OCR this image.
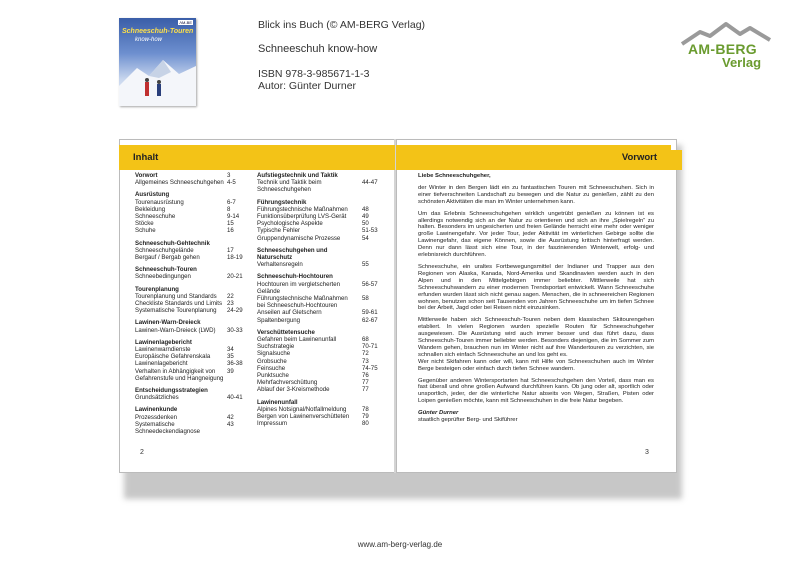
ΛΜ-ΒΕ
Schneeschuh-Touren
know-how
Blick ins Buch (© AM-BERG Verlag)
Schneeschuh know-how
ISBN 978-3-985671-1-3
Autor: Günter Durner
AM-BERG
Verlag
Inhalt	Vorwort
Vorwort	3
Allgemeines Schneeschuhgehen 4-5
Ausrüstung
Tourenausrüstung	6-7
Bekleidung	8
Schneeschuhe	9-14
Stöcke	15
Schuhe	16
Schneeschuh-Gehtechnik
Schneeschuhgelände	17
Bergauf / Bergab gehen	18-19
Schneeschuh-Touren
Schneebedingungen	20-21
Tourenplanung
Tourenplanung und Standards 22
Checkliste Standards und Limits 23
Systematische Tourenplanung 24-29
Lawinen-Warn-Dreieck
Lawinen-Warn-Dreieck (LWD) 30-33
Lawinenlagebericht
Lawinenwarndienste	34
Europäische Gefahrenskala	35
Lawinenlagebericht	36-38
Verhalten in Abhängigkeit von
Gefahrenstufe und Hangneigung
39
Entscheidungsstrategien
Grundsätzliches	40-41
Lawinenkunde
Prozessdenken	42
Systematische
Schneedeckendiagnose
43
Aufstiegstechnik und Taktik
Technik und Taktik beim
Schneeschuhgehen
44-47
Führungstechnik
Führungstechnische Maßnahmen 48
Funktionsüberprüfung LVS-Gerät	49
Psychologische Aspekte	50
Typische Fehler	51-53
Gruppendynamische Prozesse	54
Schneeschuhgehen und Naturschutz
Verhaltensregeln	55
Schneeschuh-Hochtouren
Hochtouren im vergletscherten
Gelände
56-57
Führungstechnische Maßnahmen
bei Schneeschuh-Hochtouren
58
Anseilen auf Gletschern	59-61
Spaltenbergung	62-67
Verschüttetensuche
Gefahren beim Lawinenunfall	68
Suchstrategie	70-71
Signalsuche	72
Grobsuche	73
Feinsuche	74-75
Punktsuche	76
Mehrfachverschüttung	77
Ablauf der 3-Kreismethode	77
Lawinenunfall
Alpines Notsignal/Notfallmeldung	78
Bergen von Lawinenverschütteten 79
Impressum	80
2

Liebe Schneeschuhgeher,

der Winter in den Bergen lädt ein zu fantastischen Touren mit Schneeschuhen. Sich in einer tiefverschneiten Landschaft zu bewegen und die Natur zu genießen, zählt zu den schönsten Aktivitäten die man im Winter unternehmen kann.

Um das Erlebnis Schneeschuhgehen wirklich ungetrübt genießen zu können ist es allerdings notwendig sich an der Natur zu orientieren und sich an ihre „Spielregeln“ zu halten. Besonders im ungesicherten und freien Gelände herrscht eine mehr oder weniger große Lawinengefahr. Vor jeder Tour, jeder Aktivität im winterlichen Gebirge sollte die Lawinengefahr, das eigene Können, sowie die Ausrüstung kritisch hinterfragt werden. Denn nur dann lässt sich eine Tour, in der faszinierenden Winterwelt, erfolg- und erlebnisreich durchführen.

Schneeschuhe, ein uraltes Fortbewegungsmittel der Indianer und Trapper aus den Regionen von Alaska, Kanada, Nord-Amerika und Skandinavien werden auch in den Alpen und in den Mittelgebirgen immer beliebter. Mittlerweile hat sich Schneeschuhwandern zu einer modernen Trendsportart entwickelt. Wann Schneeschuhe erfunden wurden lässt sich nicht genau sagen. Menschen, die in schneereichen Regionen wohnen, benutzen schon seit Tausenden von Jahren Schneeschuhe um im tiefen Schnee bei der Arbeit, Jagd oder bei Reisen nicht einzusinken.

Mittlerweile haben sich Schneeschuh-Touren neben dem klassischen Skitourengehen etabliert. In vielen Regionen wurden spezielle Routen für Schneeschuhgeher ausgewiesen. Die Ausrüstung wird auch immer besser und das führt dazu, dass Schneeschuh-Touren immer beliebter werden. Besonders diejenigen, die im Sommer zum Wandern gehen, brauchen nun im Winter nicht auf ihre Wandertouren zu verzichten, sie schnallen sich einfach Schneeschuhe an und los geht es.
Wer nicht Skifahren kann oder will, kann mit Hilfe von Schneeschuhen auch im Winter Berge besteigen oder einfach durch tiefen Schnee wandern.

Gegenüber anderen Wintersportarten hat Schneeschuhgehen den Vorteil, dass man es fast überall und ohne großen Aufwand durchführen kann. Ob jung oder alt, sportlich oder unsportlich, jeder, der die winterliche Natur abseits von Wegen, Straßen, Pisten oder Loipen genießen möchte, kann mit Schneeschuhen in die freie Natur begeben.

Günter Durner

staatlich geprüfter Berg- und Skiführer

3
www.am-berg-verlag.de
